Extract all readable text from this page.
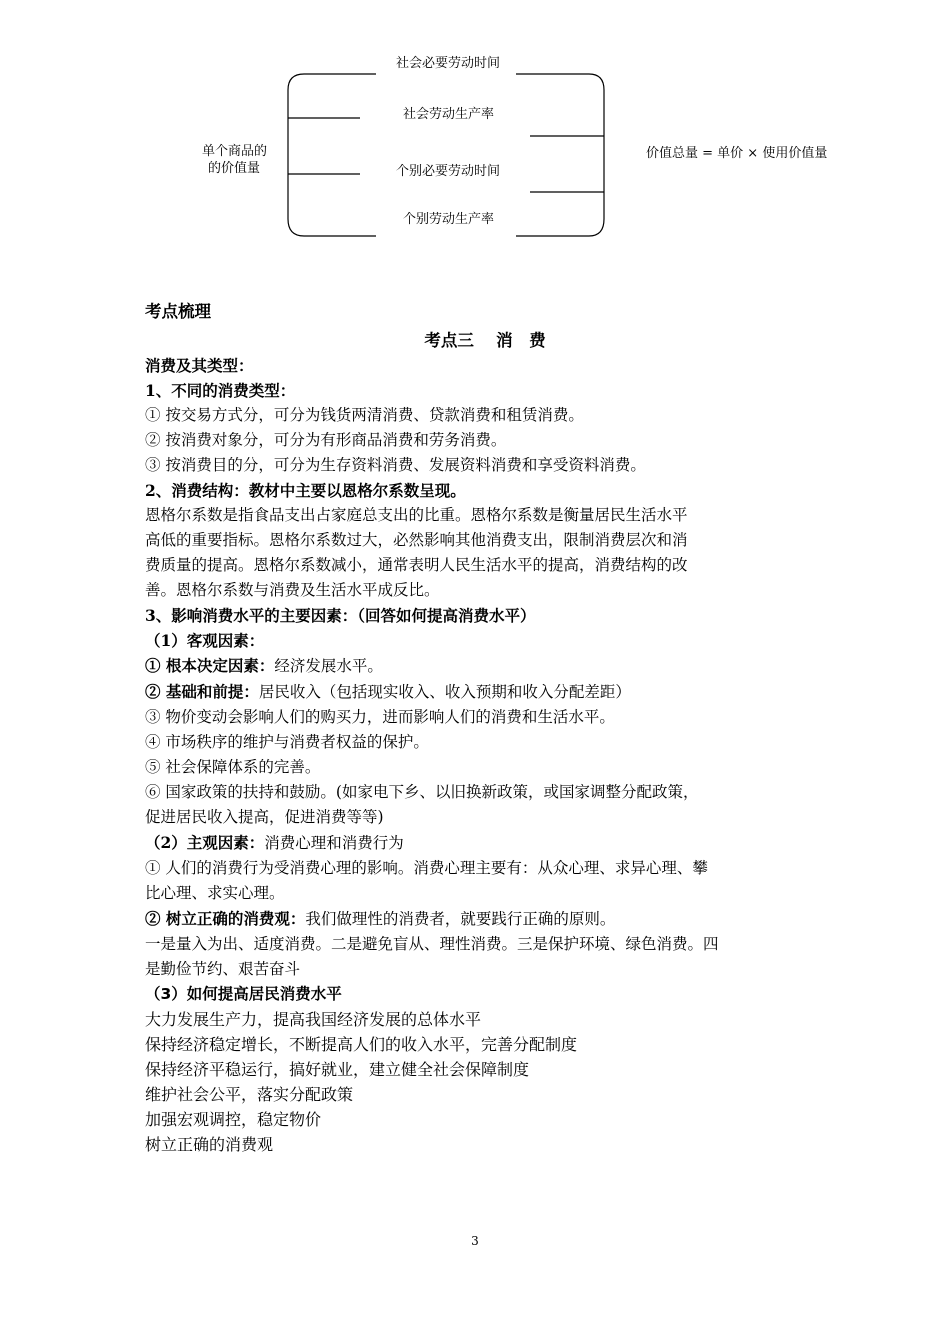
社会必要劳动时间
社会劳动生产率
个别必要劳动时间
个别劳动生产率
单个商品的
的价值量
价值总量 = 单价 × 使用价值量
考点梳理
考点三　 消　费
消费及其类型：
1、不同的消费类型：
① 按交易方式分，可分为钱货两清消费、贷款消费和租赁消费。
② 按消费对象分，可分为有形商品消费和劳务消费。
③ 按消费目的分，可分为生存资料消费、发展资料消费和享受资料消费。
2、消费结构：教材中主要以恩格尔系数呈现。
恩格尔系数是指食品支出占家庭总支出的比重。恩格尔系数是衡量居民生活水平
高低的重要指标。恩格尔系数过大，必然影响其他消费支出，限制消费层次和消
费质量的提高。恩格尔系数减小，通常表明人民生活水平的提高，消费结构的改
善。恩格尔系数与消费及生活水平成反比。
3、影响消费水平的主要因素：（回答如何提高消费水平）
（1）客观因素：
① 根本决定因素：经济发展水平。
② 基础和前提：居民收入（包括现实收入、收入预期和收入分配差距）
③ 物价变动会影响人们的购买力，进而影响人们的消费和生活水平。
④ 市场秩序的维护与消费者权益的保护。
⑤ 社会保障体系的完善。
⑥ 国家政策的扶持和鼓励。(如家电下乡、以旧换新政策，或国家调整分配政策，
促进居民收入提高，促进消费等等)
（2）主观因素：消费心理和消费行为
① 人们的消费行为受消费心理的影响。消费心理主要有：从众心理、求异心理、攀
比心理、求实心理。
② 树立正确的消费观：我们做理性的消费者，就要践行正确的原则。
一是量入为出、适度消费。二是避免盲从、理性消费。三是保护环境、绿色消费。四
是勤俭节约、艰苦奋斗
（3）如何提高居民消费水平
大力发展生产力，提高我国经济发展的总体水平
保持经济稳定增长，不断提高人们的收入水平，完善分配制度
保持经济平稳运行，搞好就业，建立健全社会保障制度
维护社会公平，落实分配政策
加强宏观调控，稳定物价
树立正确的消费观
3
